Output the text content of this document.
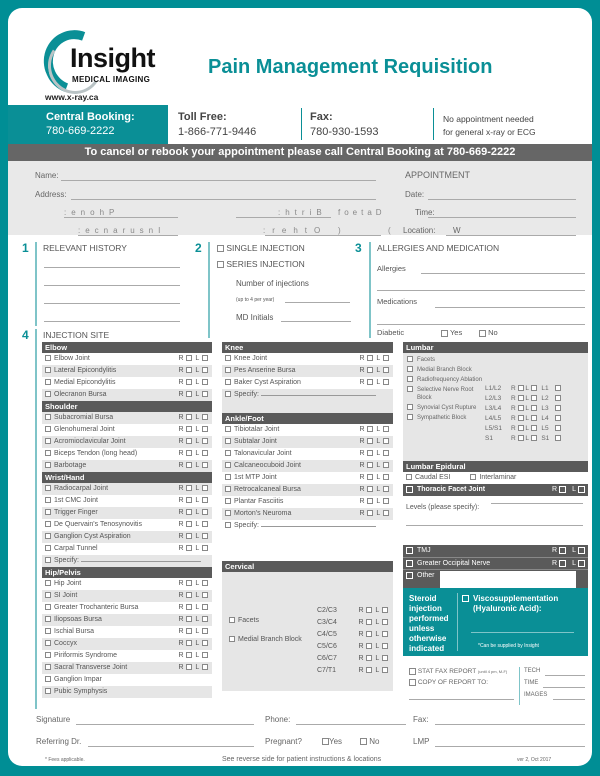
Insight
MEDICAL IMAGING
www.x-ray.ca
Pain Management Requisition
Central Booking:
780-669-2222
Toll Free:
1-866-771-9446
Fax:
780-930-1593
No appointment needed
for general x-ray or ECG
To cancel or rebook your appointment please call Central Booking at 780-669-2222
Name:
Address:
:enohP	:htriB foetaD
:ecnarusnI	:rehtO )	(
APPOINTMENT
Date:
Time:
Location: W
1 RELEVANT HISTORY	2	SINGLE INJECTION
SERIES INJECTION
Number of injections
(up to 4 per year)
MD Initials
3 ALLERGIES AND MEDICATION
Allergies
Medications
Diabetic	Yes	No
4 INJECTION SITE
Elbow
Elbow Joint	R L
Lateral Epicondylitis	R L
Medial Epicondylitis	R L
Olecranon Bursa	R L
Shoulder
Subacromial Bursa	R L
Glenohumeral Joint	R L
Acromioclavicular Joint	R L
Biceps Tendon (long head)	R L
Barbotage	R L
Wrist/Hand
Radiocarpal Joint	R L
1st CMC Joint	R L
Trigger Finger	R L
De Quervain's Tenosynovitis	R L
Ganglion Cyst Aspiration	R L
Carpal Tunnel	R L
Specify:
Hip/Pelvis
Hip Joint	R L
SI Joint	R L
Greater Trochanteric Bursa	R L
Iliopsoas Bursa	R L
Ischial Bursa	R L
Coccyx	R L
Piriformis Syndrome	R L
Sacral Transverse Joint	R L
Ganglion Impar
Pubic Symphysis
Knee
Knee Joint	R L
Pes Anserine Bursa	R L
Baker Cyst Aspiration	R L
Specify:
Ankle/Foot
Tibiotalar Joint	R L
Subtalar Joint	R L
Talonavicular Joint	R L
Calcaneocuboid Joint	R L
1st MTP Joint	R L
Retrocalcaneal Bursa	R L
Plantar Fasciitis	R L
Morton's Neuroma	R L
Specify:
Cervical
Facets
Medial Branch Block
C2/C3	R L
C3/C4	R L
C4/C5	R L
C5/C6	R L
C6/C7	R L
C7/T1	R L
Lumbar
Facets
Medial Branch Block
Radiofrequency Ablation
Selective Nerve Root Block
Synovial Cyst Rupture
Sympathetic Block
L1/L2 R L L1
L2/L3 R L L2
L3/L4 R L L3
L4/L5 R L L4
L5/S1 R L L5
S1	R L S1
Lumbar Epidural
Caudal ESI	Interlaminar
Thoracic Facet Joint	R L
Levels (please specify):
TMJ	R L
Greater Occipital Nerve	R L
Other
Steroid injection performed unless otherwise indicated
Viscosupplementation (Hyaluronic Acid):
*Can be supplied by Insight
STAT FAX REPORT (until 4 pm, M-F)
COPY OF REPORT TO:
TECH
TIME
IMAGES
Signature	Phone:	Fax:
Referring Dr.	Pregnant?	Yes	No	LMP
* Fees applicable.	See reverse side for patient instructions & locations	ver 2, Oct 2017
